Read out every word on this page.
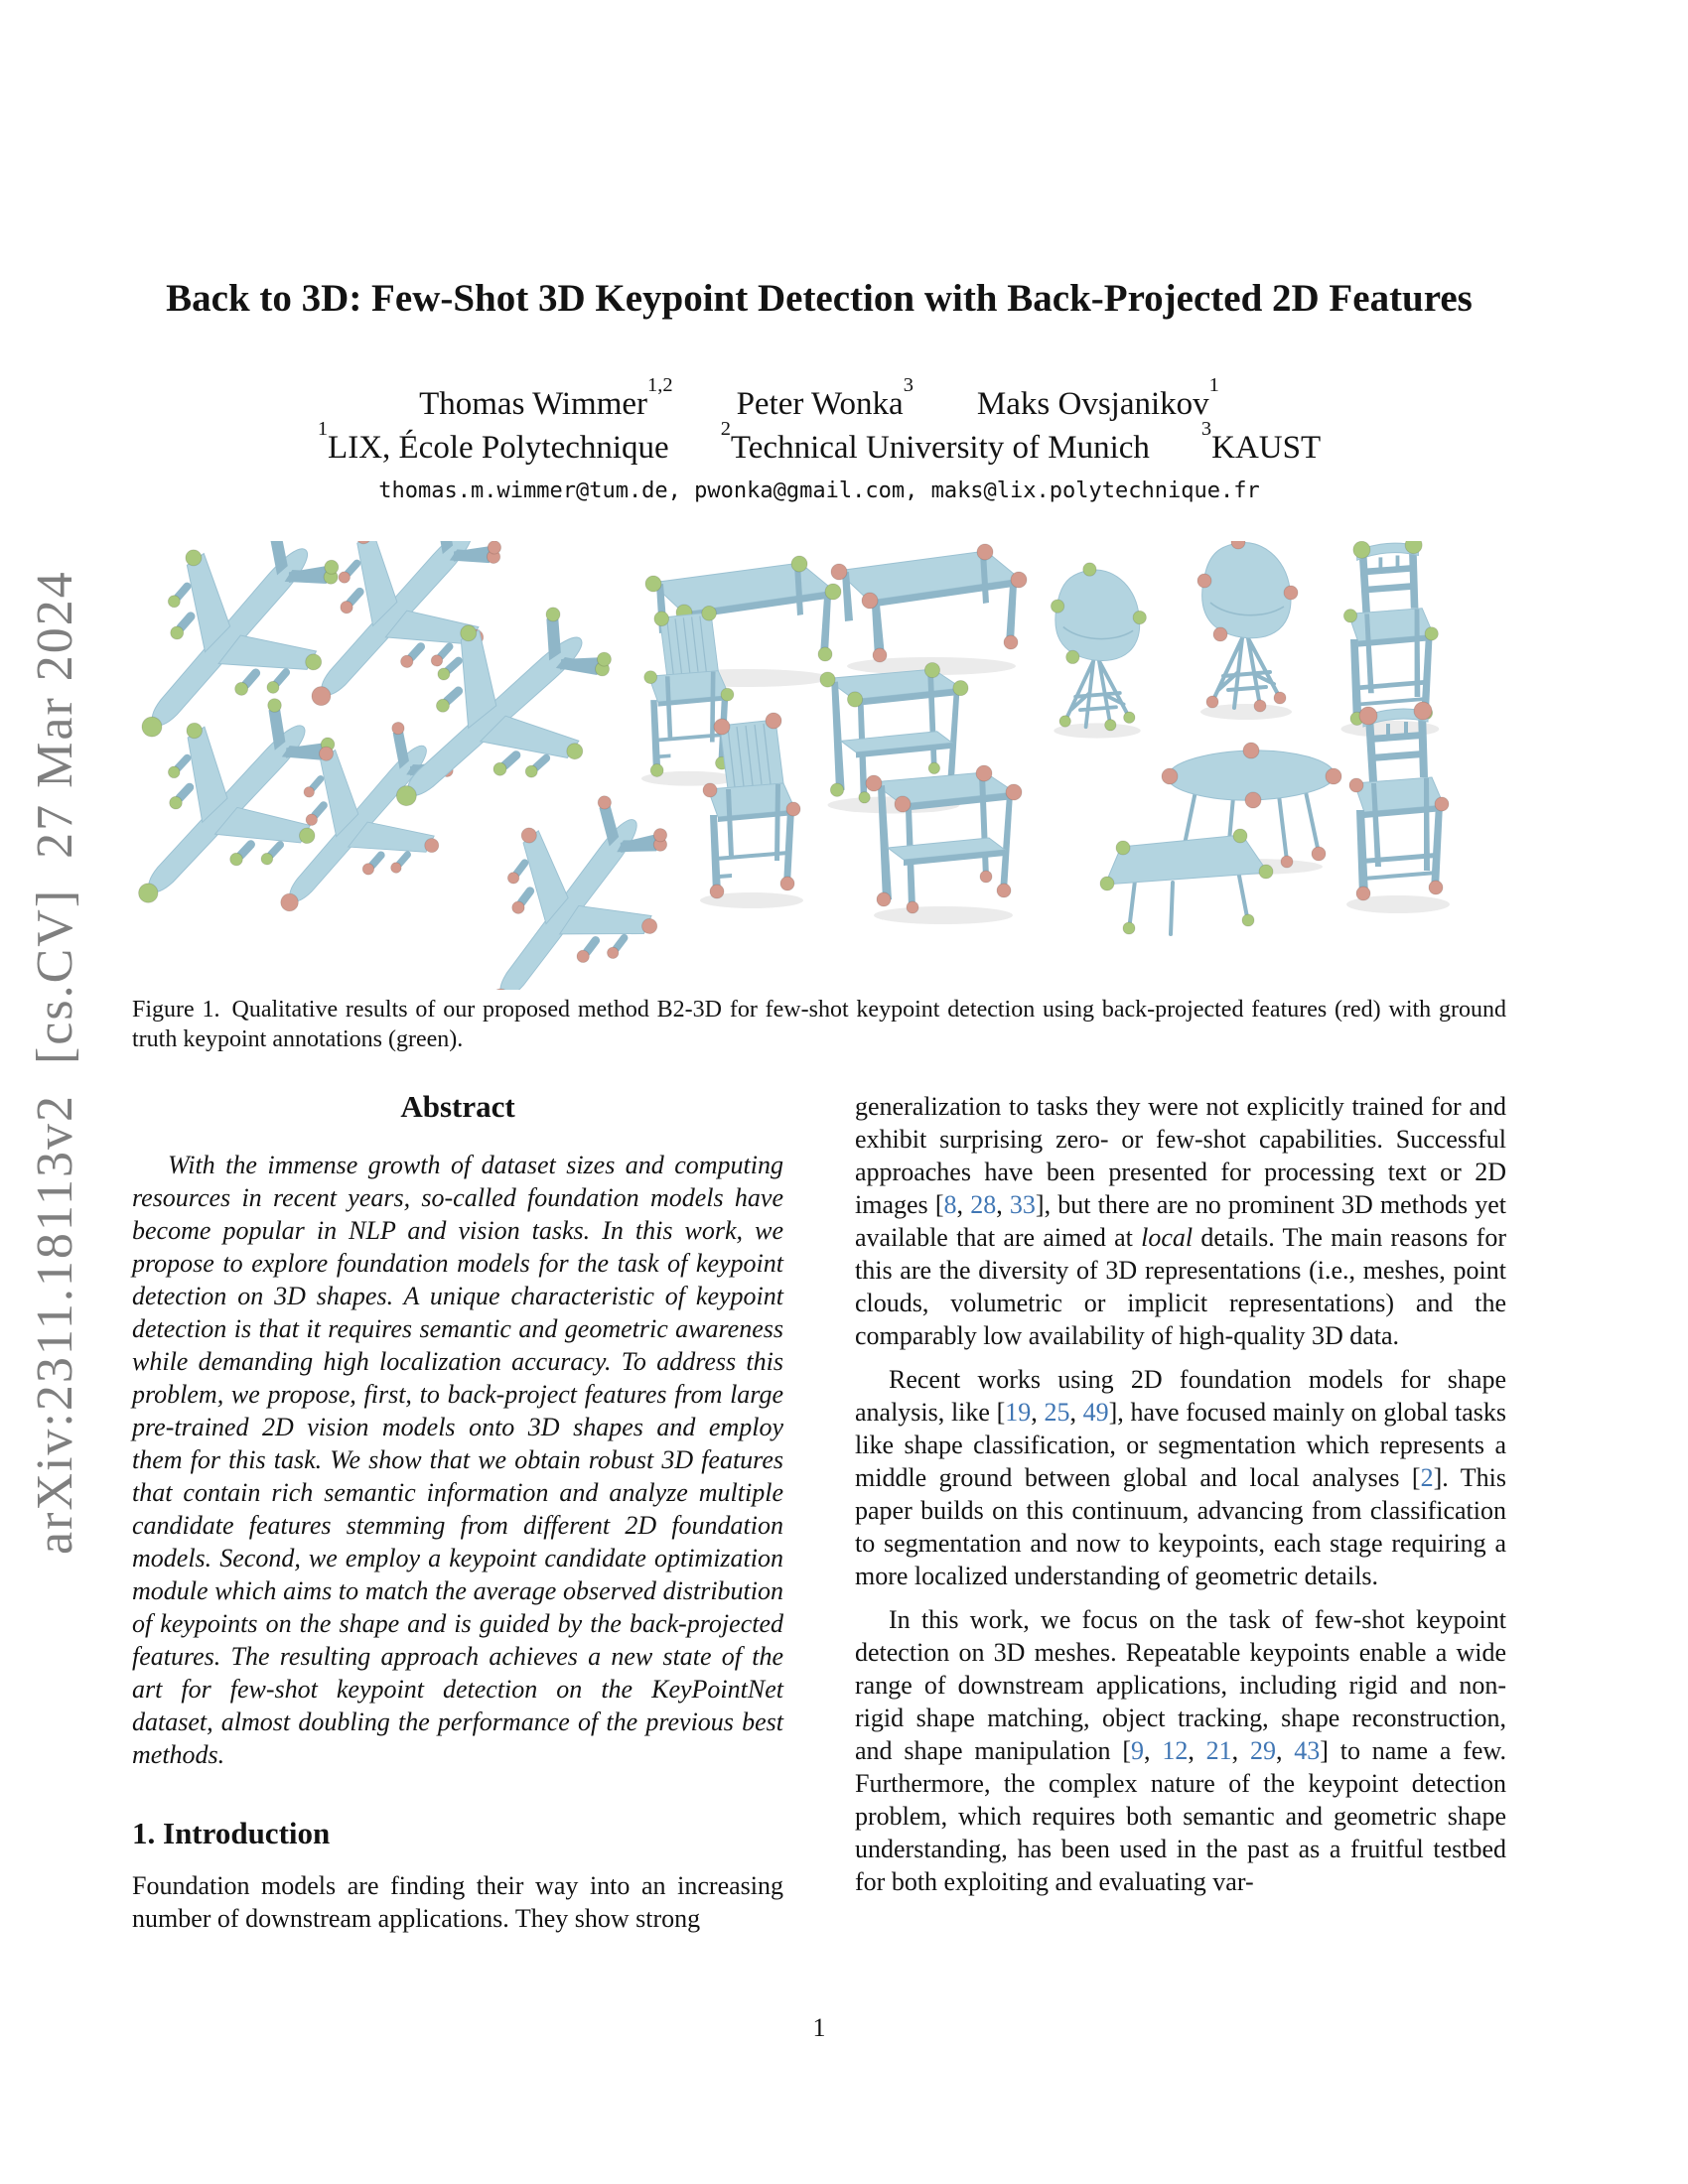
arXiv:2311.18113v2  [cs.CV]  27 Mar 2024
Back to 3D: Few-Shot 3D Keypoint Detection with Back-Projected 2D Features
Thomas Wimmer$^{1,2}$
Peter Wonka$^3$
Maks Ovsjanikov$^1$
$^1$LIX, École Polytechnique
$^2$Technical University of Munich
$^3$KAUST
thomas.m.wimmer@tum.de, pwonka@gmail.com, maks@lix.polytechnique.fr
Figure 1. Qualitative results of our proposed method B2-3D for few-shot keypoint detection using back-projected features (red) with ground truth keypoint annotations (green).
Abstract

With the immense growth of dataset sizes and computing resources in recent years, so-called foundation models have become popular in NLP and vision tasks. In this work, we propose to explore foundation models for the task of keypoint detection on 3D shapes. A unique characteristic of keypoint detection is that it requires semantic and geometric awareness while demanding high localization accuracy. To address this problem, we propose, first, to back-project features from large pre-trained 2D vision models onto 3D shapes and employ them for this task. We show that we obtain robust 3D features that contain rich semantic information and analyze multiple candidate features stemming from different 2D foundation models. Second, we employ a keypoint candidate optimization module which aims to match the average observed distribution of keypoints on the shape and is guided by the back-projected features. The resulting approach achieves a new state of the art for few-shot keypoint detection on the KeyPointNet dataset, almost doubling the performance of the previous best methods.

1. Introduction

Foundation models are finding their way into an increasing number of downstream applications. They show strong

generalization to tasks they were not explicitly trained for and exhibit surprising zero- or few-shot capabilities. Successful approaches have been presented for processing text or 2D images [8, 28, 33], but there are no prominent 3D methods yet available that are aimed at local details. The main reasons for this are the diversity of 3D representations (i.e., meshes, point clouds, volumetric or implicit representations) and the comparably low availability of high-quality 3D data.

Recent works using 2D foundation models for shape analysis, like [19, 25, 49], have focused mainly on global tasks like shape classification, or segmentation which represents a middle ground between global and local analyses [2]. This paper builds on this continuum, advancing from classification to segmentation and now to keypoints, each stage requiring a more localized understanding of geometric details.

In this work, we focus on the task of few-shot keypoint detection on 3D meshes. Repeatable keypoints enable a wide range of downstream applications, including rigid and non-rigid shape matching, object tracking, shape reconstruction, and shape manipulation [9, 12, 21, 29, 43] to name a few. Furthermore, the complex nature of the keypoint detection problem, which requires both semantic and geometric shape understanding, has been used in the past as a fruitful testbed for both exploiting and evaluating var-

1
